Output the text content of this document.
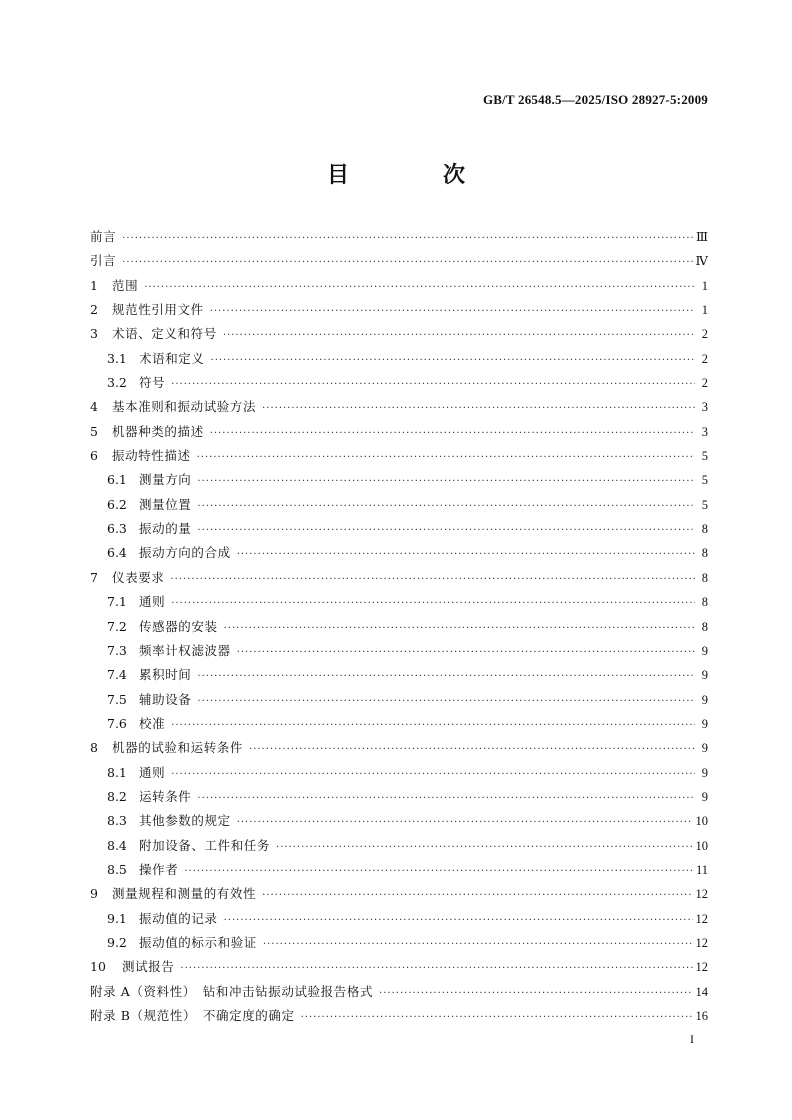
GB/T 26548.5—2025/ISO 28927-5:2009
目　次
前言 ·····	Ⅲ
引言 ·····	Ⅳ
1	范围 ·····	1
2	规范性引用文件 ·····	1
3	术语、定义和符号 ·····	2
3.1 术语和定义 ·····	2
3.2 符号 ·····	2
4	基本准则和振动试验方法 ·····	3
5	机器种类的描述 ·····	3
6	振动特性描述 ·····	5
6.1 测量方向 ·····	5
6.2 测量位置 ·····	5
6.3 振动的量 ·····	8
6.4 振动方向的合成 ·····	8
7	仪表要求 ·····	8
7.1 通则 ·····	8
7.2 传感器的安装 ·····	8
7.3 频率计权滤波器 ·····	9
7.4 累积时间 ·····	9
7.5 辅助设备 ·····	9
7.6 校准 ·····	9
8	机器的试验和运转条件 ·····	9
8.1 通则 ·····	9
8.2 运转条件 ·····	9
8.3 其他参数的规定 ·····	10
8.4 附加设备、工件和任务 ·····	10
8.5 操作者 ·····	11
9	测量规程和测量的有效性 ·····	12
9.1 振动值的记录 ·····	12
9.2 振动值的标示和验证 ·····	12
10	测试报告 ·····	12
附录 A（资料性）　钻和冲击钻振动试验报告格式 ·····	14
附录 B（规范性）　不确定度的确定 ·····	16
I
